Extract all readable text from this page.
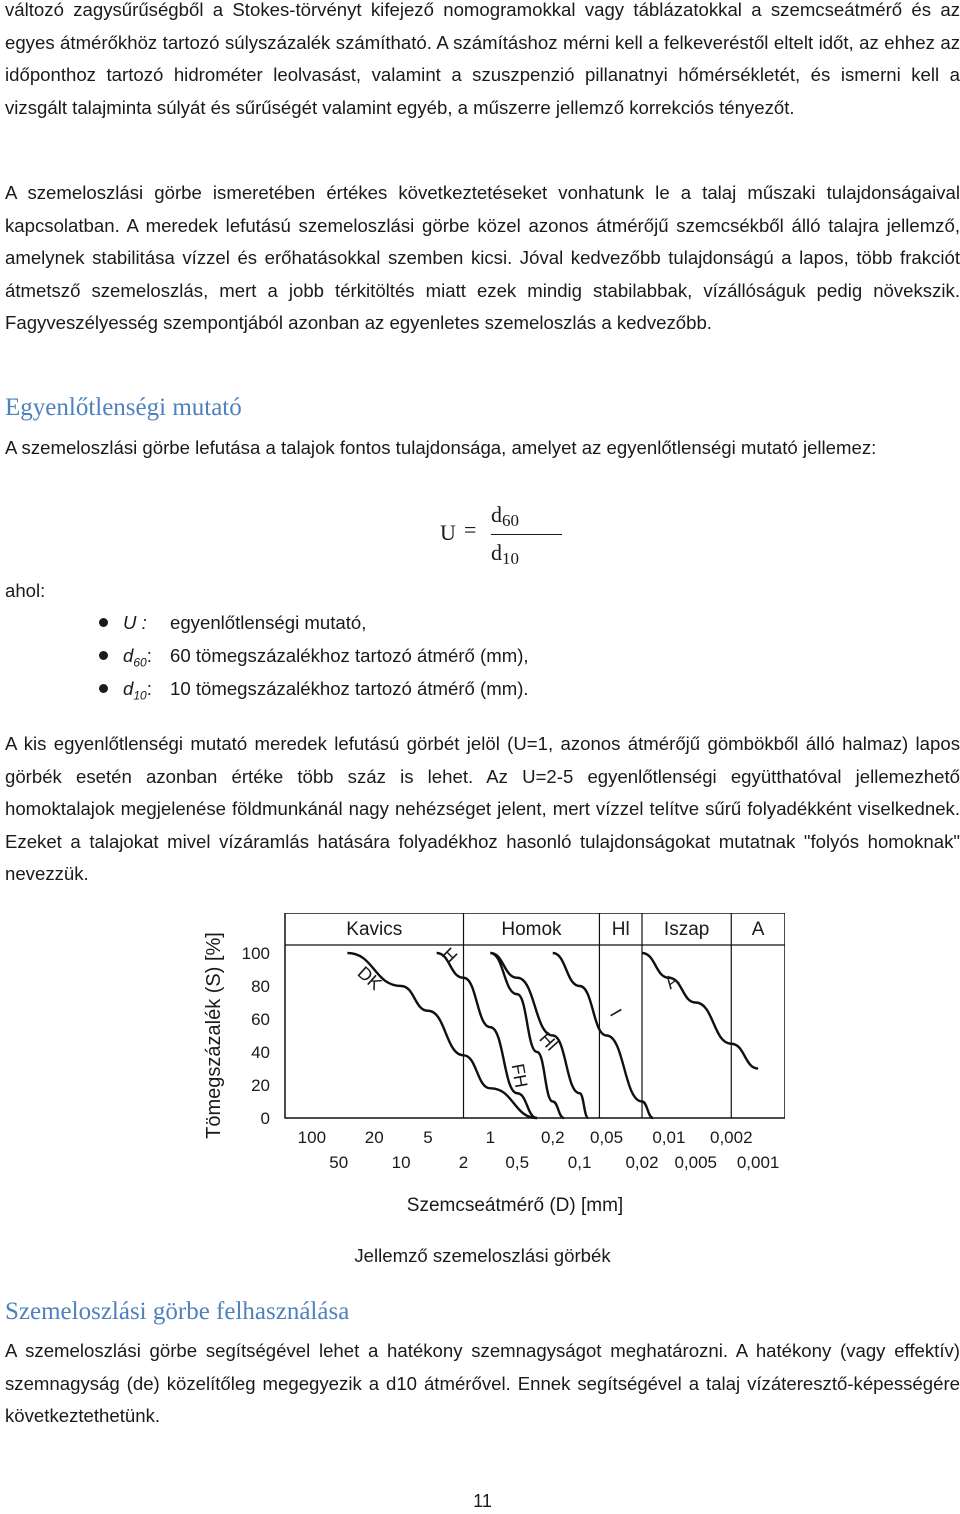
változó zagysűrűségből a Stokes-törvényt kifejező nomogramokkal vagy táblázatokkal a szemcseátmérő és az egyes átmérőkhöz tartozó súlyszázalék számítható. A számításhoz mérni kell a felkeveréstől eltelt időt, az ehhez az időponthoz tartozó hidrométer leolvasást, valamint a szuszpenzió pillanatnyi hőmérsékletét, és ismerni kell a vizsgált talajminta súlyát és sűrűségét valamint egyéb, a műszerre jellemző korrekciós tényezőt.

A szemeloszlási görbe ismeretében értékes következtetéseket vonhatunk le a talaj műszaki tulajdonságaival kapcsolatban. A meredek lefutású szemeloszlási görbe közel azonos átmérőjű szemcsékből álló talajra jellemző, amelynek stabilitása vízzel és erőhatásokkal szemben kicsi. Jóval kedvezőbb tulajdonságú a lapos, több frakciót átmetsző szemeloszlás, mert a jobb térkitöltés miatt ezek mindig stabilabbak, vízállóságuk pedig növekszik. Fagyveszélyesség szempontjából azonban az egyenletes szemeloszlás a kedvezőbb.

Egyenlőtlenségi mutató

A szemeloszlási görbe lefutása a talajok fontos tulajdonsága, amelyet az egyenlőtlenségi mutató jellemez:

U =
$d_{60}$
$d_{10}$
ahol:
U : egyenlőtlenségi mutató,
$d_{60}$: 60 tömegszázalékhoz tartozó átmérő (mm),
$d_{10}$: 10 tömegszázalékhoz tartozó átmérő (mm).

A kis egyenlőtlenségi mutató meredek lefutású görbét jelöl (U=1, azonos átmérőjű gömbökből álló halmaz) lapos görbék esetén azonban értéke több száz is lehet. Az U=2-5 egyenlőtlenségi együtthatóval jellemezhető homoktalajok megjelenése földmunkánál nagy nehézséget jelent, mert vízzel telítve sűrű folyadékként viselkednek. Ezeket a talajokat mivel vízáramlás hatására folyadékhoz hasonló tulajdonságokat mutatnak "folyós homoknak" nevezzük.

Kavics	Homok	Hl Iszap A
0
20
40
60
80
100
Tömegszázalék (S) [%]	100 20 5	1	0,2 0,05 0,01 0,002
50	10	2 0,5 0,1 0,02 0,005 0,001
Szemcseátmérő (D) [mm]
DK
H
FH
Hl
I
A
Jellemző szemeloszlási görbék
Szemeloszlási görbe felhasználása

A szemeloszlási görbe segítségével lehet a hatékony szemnagyságot meghatározni. A hatékony (vagy effektív) szemnagyság (de) közelítőleg megegyezik a d10 átmérővel. Ennek segítségével a talaj vízáteresztő-képességére következtethetünk.

11
